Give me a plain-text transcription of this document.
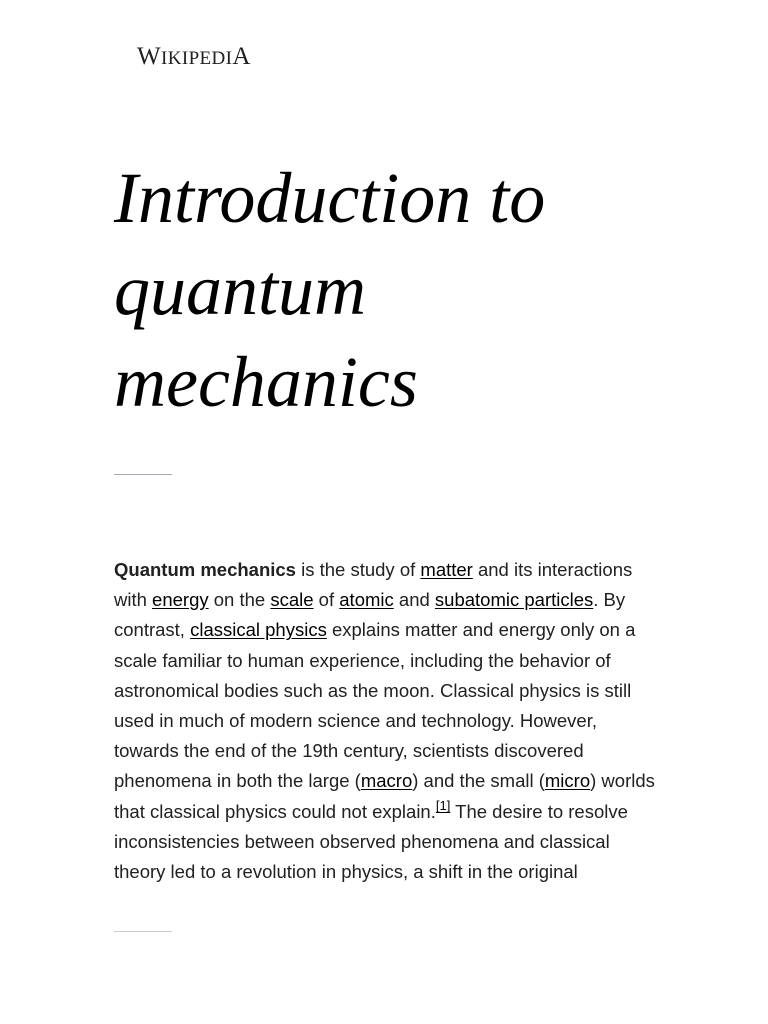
WIKIPEDIA
Introduction to quantum mechanics

Quantum mechanics is the study of matter and its interactions with energy on the scale of atomic and subatomic particles. By contrast, classical physics explains matter and energy only on a scale familiar to human experience, including the behavior of astronomical bodies such as the moon. Classical physics is still used in much of modern science and technology. However, towards the end of the 19th century, scientists discovered phenomena in both the large (macro) and the small (micro) worlds that classical physics could not explain.[1] The desire to resolve inconsistencies between observed phenomena and classical theory led to a revolution in physics, a shift in the original
